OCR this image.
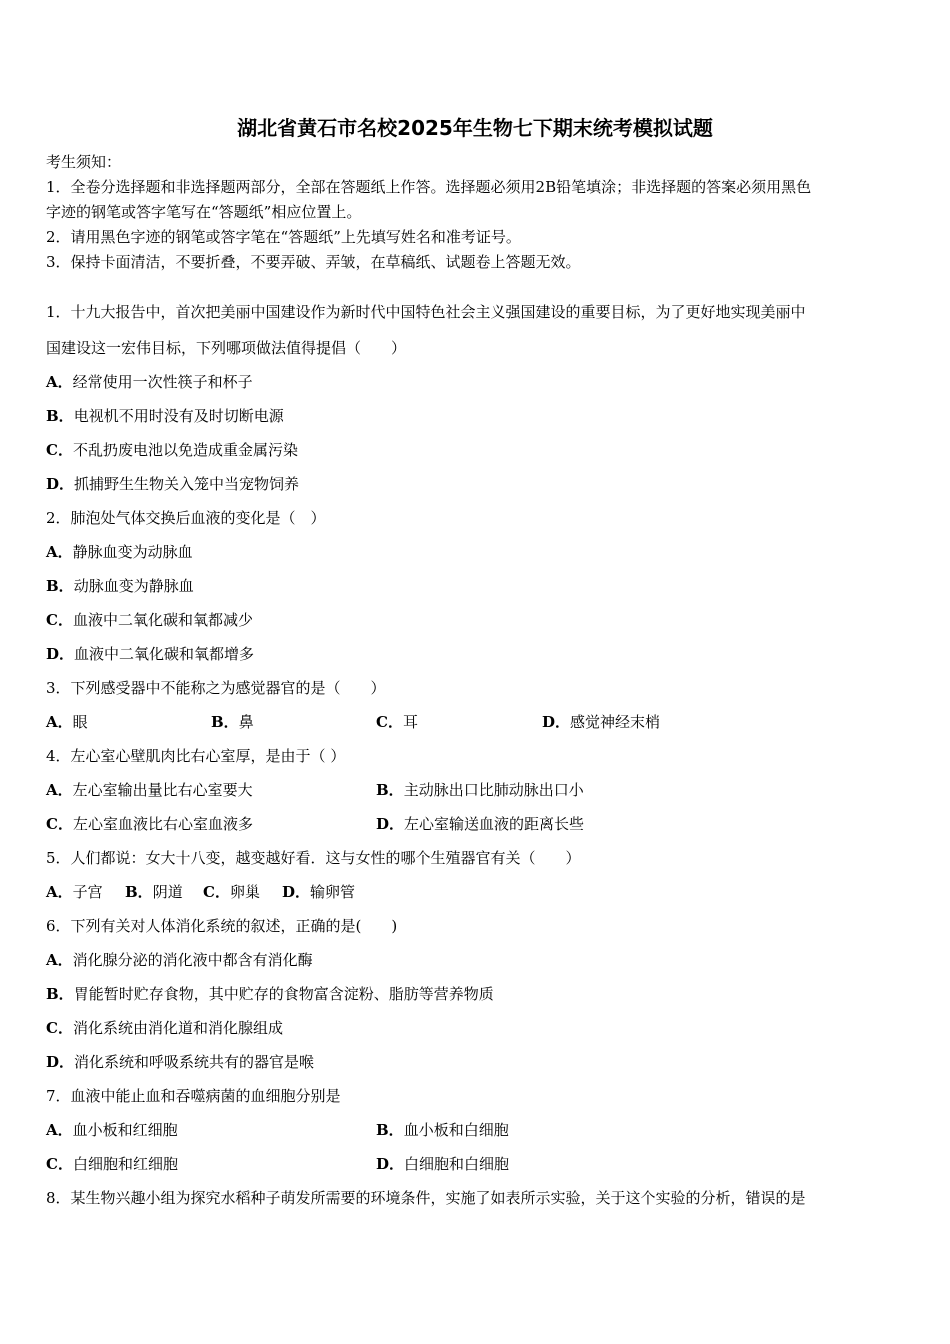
湖北省黄石市名校2025年生物七下期末统考模拟试题
考生须知：
1．全卷分选择题和非选择题两部分，全部在答题纸上作答。选择题必须用2B铅笔填涂；非选择题的答案必须用黑色
字迹的钢笔或答字笔写在“答题纸”相应位置上。
2．请用黑色字迹的钢笔或答字笔在“答题纸”上先填写姓名和准考证号。
3．保持卡面清洁，不要折叠，不要弄破、弄皱，在草稿纸、试题卷上答题无效。
1．十九大报告中，首次把美丽中国建设作为新时代中国特色社会主义强国建设的重要目标，为了更好地实现美丽中
国建设这一宏伟目标，下列哪项做法值得提倡（　　）
A．经常使用一次性筷子和杯子
B．电视机不用时没有及时切断电源
C．不乱扔废电池以免造成重金属污染
D．抓捕野生生物关入笼中当宠物饲养
2．肺泡处气体交换后血液的变化是（　）
A．静脉血变为动脉血
B．动脉血变为静脉血
C．血液中二氧化碳和氧都减少
D．血液中二氧化碳和氧都增多
3．下列感受器中不能称之为感觉器官的是（　　）
A．眼	B．鼻	C．耳	D．感觉神经末梢
4．左心室心壁肌肉比右心室厚，是由于（ ）
A．左心室输出量比右心室要大	B．主动脉出口比肺动脉出口小
C．左心室血液比右心室血液多	D．左心室输送血液的距离长些
5．人们都说：女大十八变，越变越好看．这与女性的哪个生殖器官有关（　　）
A．子宫 B．阴道 C．卵巢 D．输卵管
6．下列有关对人体消化系统的叙述，正确的是(　　)
A．消化腺分泌的消化液中都含有消化酶
B．胃能暂时贮存食物，其中贮存的食物富含淀粉、脂肪等营养物质
C．消化系统由消化道和消化腺组成
D．消化系统和呼吸系统共有的器官是喉
7．血液中能止血和吞噬病菌的血细胞分别是
A．血小板和红细胞	B．血小板和白细胞
C．白细胞和红细胞	D．白细胞和白细胞
8．某生物兴趣小组为探究水稻种子萌发所需要的环境条件，实施了如表所示实验，关于这个实验的分析，错误的是
